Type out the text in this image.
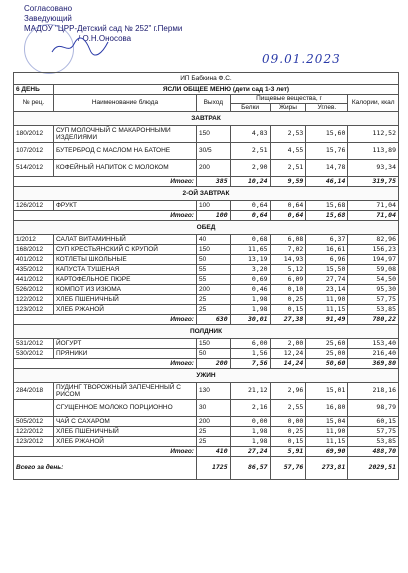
Согласовано
Заведующий
МАДОУ "ЦРР-Детский сад № 252" г.Перми
/ О.Н.Оносова
09.01.2023
ИП Бабкина Ф.С.						
6 ДЕНЬ	ЯСЛИ ОБЩЕЕ МЕНЮ (дети сад 1-3 лет)					
№ рец.	Наименование блюда	Выход	Пищевые вещества, г			Калории, ккал
			Белки	Жиры	Углев.	
ЗАВТРАК						
180/2012	СУП МОЛОЧНЫЙ С МАКАРОННЫМИ ИЗДЕЛИЯМИ	150	4,83	2,53	15,60	112,52
107/2012	БУТЕРБРОД С МАСЛОМ НА БАТОНЕ	30/5	2,51	4,55	15,76	113,89
514/2012	КОФЕЙНЫЙ НАПИТОК С МОЛОКОМ	200	2,90	2,51	14,78	93,34
Итого:		385	10,24	9,59	46,14	319,75
2-ОЙ ЗАВТРАК						
126/2012	ФРУКТ	100	0,64	0,64	15,68	71,04
Итого:		100	0,64	0,64	15,68	71,04
ОБЕД						
1/2012	САЛАТ ВИТАМИННЫЙ	40	0,68	6,08	6,37	82,96
168/2012	СУП КРЕСТЬЯНСКИЙ С КРУПОЙ	150	11,65	7,02	16,61	156,23
401/2012	КОТЛЕТЫ ШКОЛЬНЫЕ	50	13,19	14,93	6,96	194,97
435/2012	КАПУСТА ТУШЕНАЯ	55	3,20	5,12	15,50	59,08
441/2012	КАРТОФЕЛЬНОЕ ПЮРЕ	55	0,69	6,09	27,74	54,50
526/2012	КОМПОТ ИЗ ИЗЮМА	200	0,46	0,10	23,14	95,30
122/2012	ХЛЕБ ПШЕНИЧНЫЙ	25	1,98	0,25	11,90	57,75
123/2012	ХЛЕБ РЖАНОЙ	25	1,98	0,15	11,15	53,85
Итого:		630	30,01	27,38	91,49	780,22
ПОЛДНИК						
531/2012	ЙОГУРТ	150	6,00	2,00	25,60	153,40
530/2012	ПРЯНИКИ	50	1,56	12,24	25,00	216,40
Итого:		200	7,56	14,24	50,60	369,80
УЖИН						
284/2018	ПУДИНГ ТВОРОЖНЫЙ ЗАПЕЧЕННЫЙ С РИСОМ	130	21,12	2,96	15,01	218,16
	СГУЩЕННОЕ МОЛОКО ПОРЦИОННО	30	2,16	2,55	16,80	98,79
505/2012	ЧАЙ С САХАРОМ	200	0,00	0,00	15,04	60,15
122/2012	ХЛЕБ ПШЕНИЧНЫЙ	25	1,98	0,25	11,90	57,75
123/2012	ХЛЕБ РЖАНОЙ	25	1,98	0,15	11,15	53,85
Итого:		410	27,24	5,91	69,90	488,70
Всего за день:		1725	86,57	57,76	273,81	2029,51
